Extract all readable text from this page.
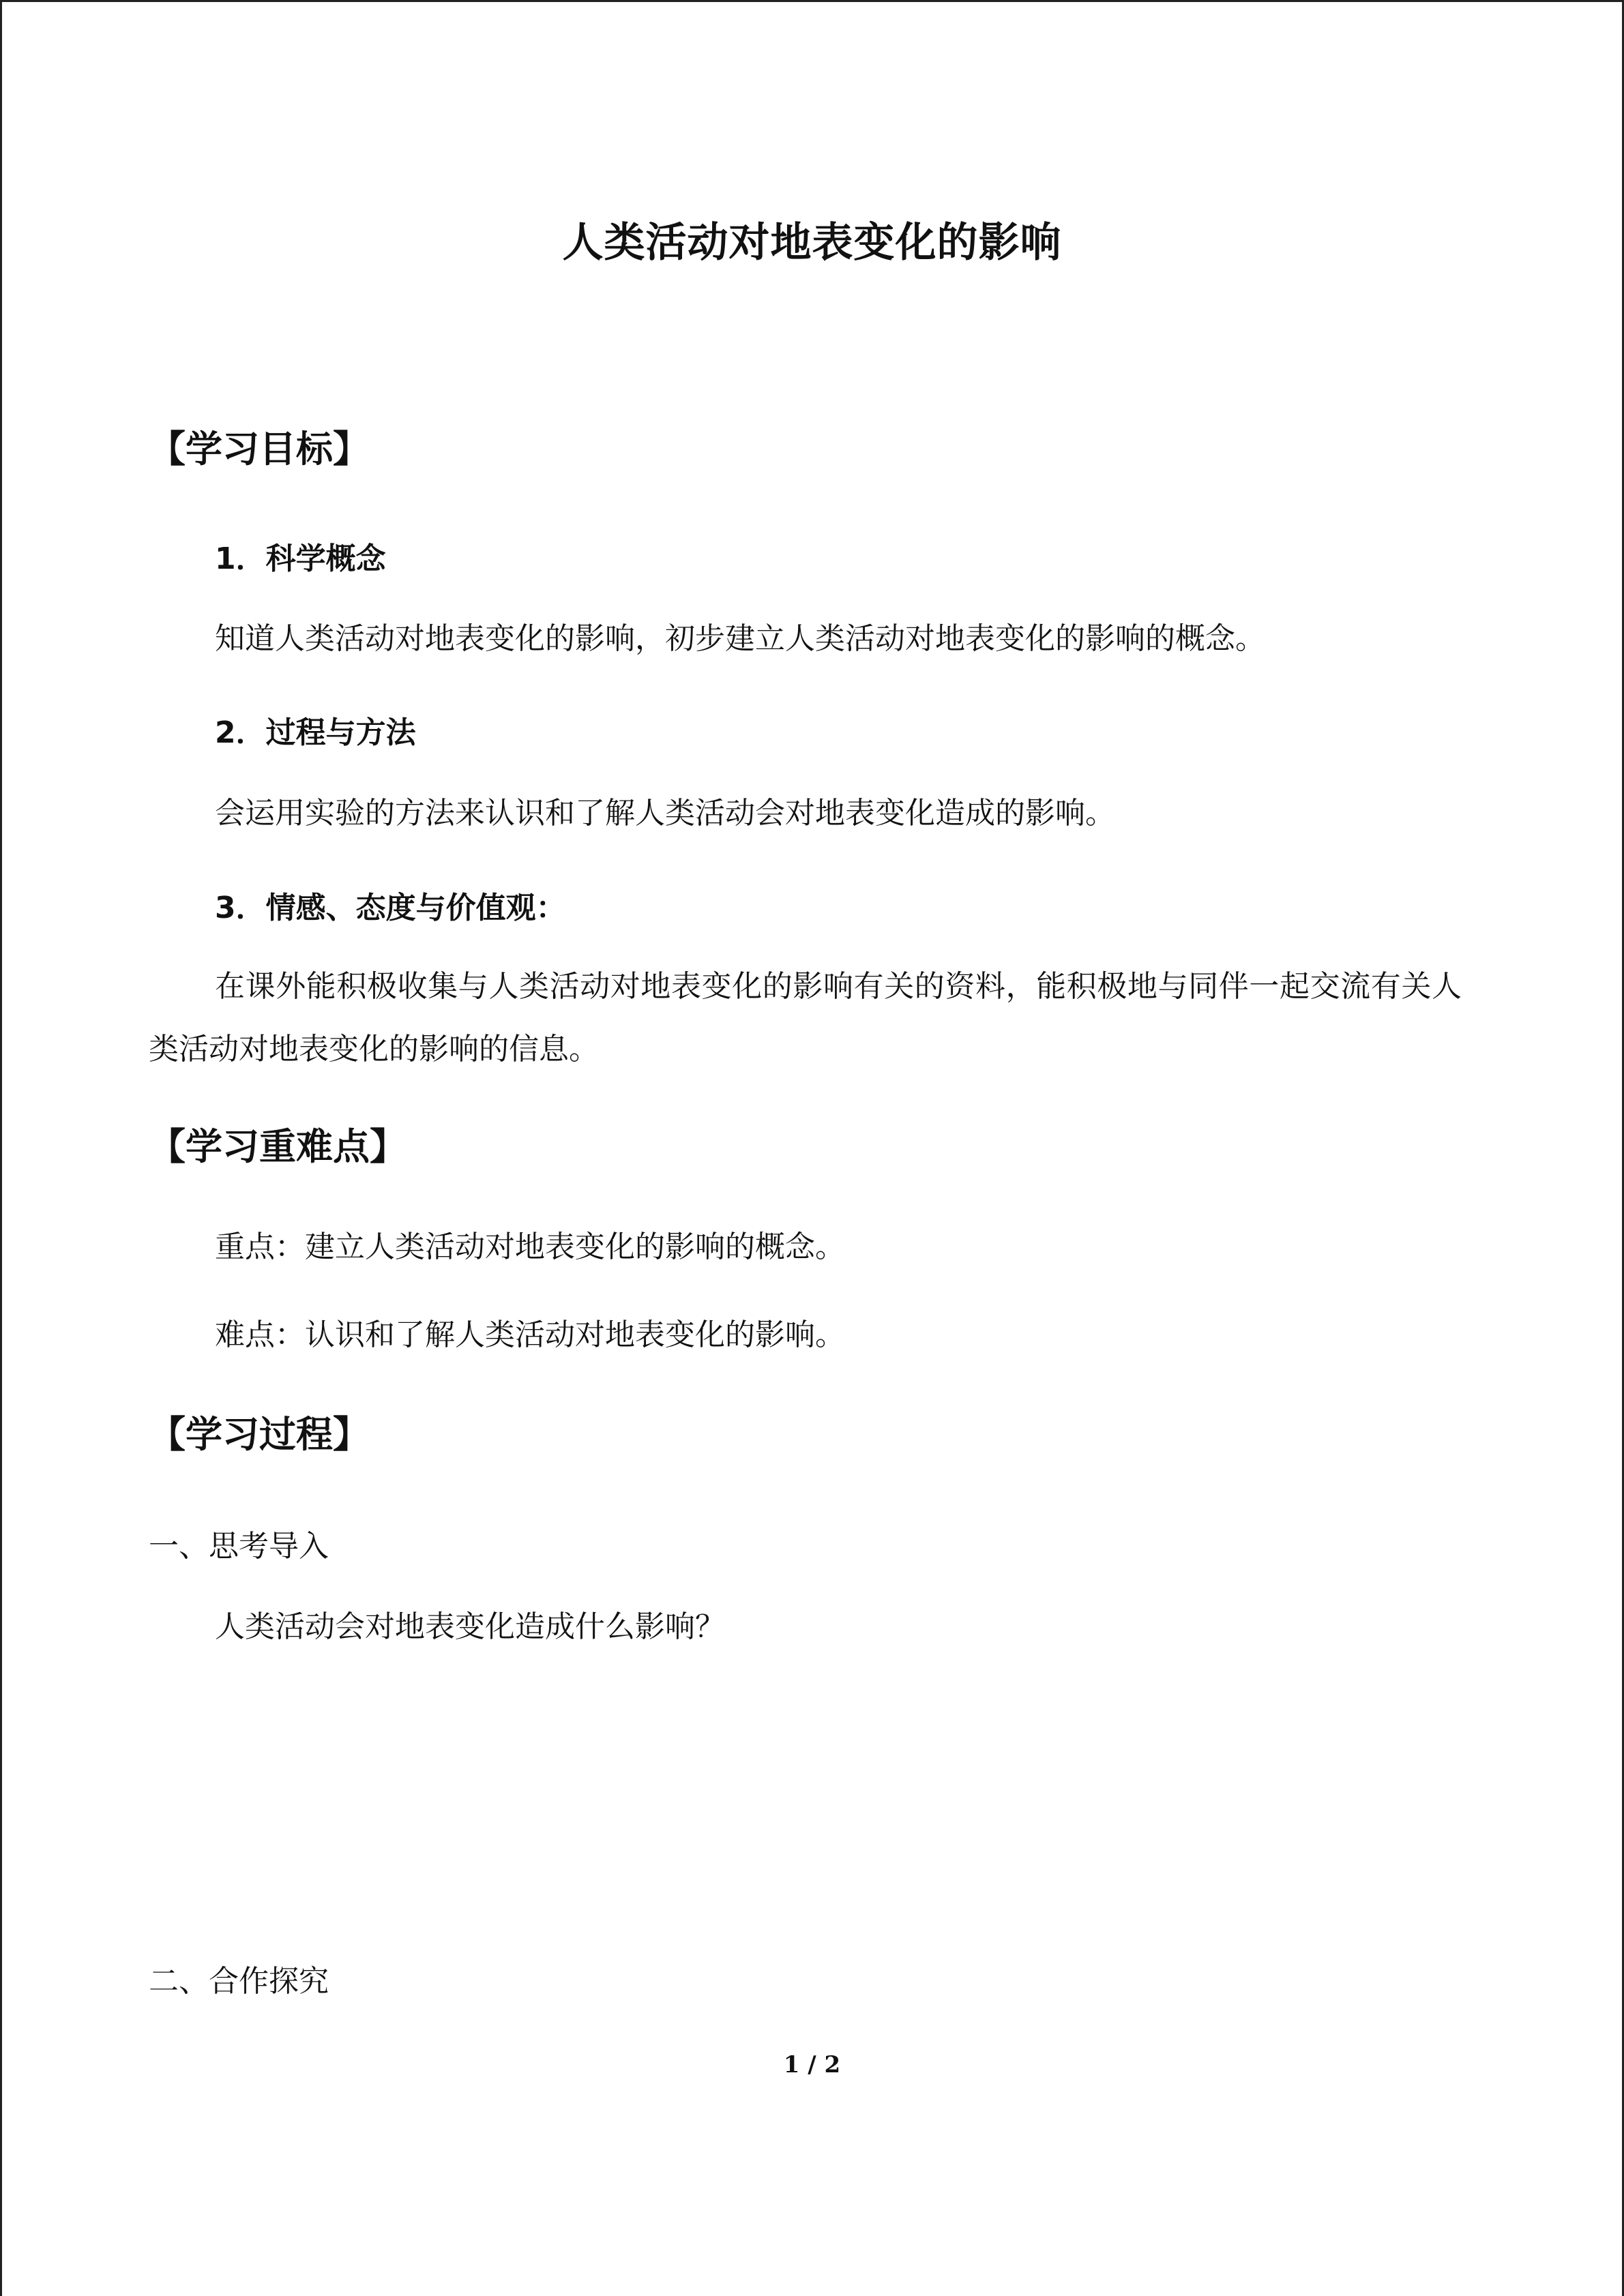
人类活动对地表变化的影响
【学习目标】
1．科学概念
知道人类活动对地表变化的影响，初步建立人类活动对地表变化的影响的概念。
2．过程与方法
会运用实验的方法来认识和了解人类活动会对地表变化造成的影响。
3．情感、态度与价值观：
在课外能积极收集与人类活动对地表变化的影响有关的资料，能积极地与同伴一起交流有关人类活动对地表变化的影响的信息。
【学习重难点】
重点：建立人类活动对地表变化的影响的概念。
难点：认识和了解人类活动对地表变化的影响。
【学习过程】
一、思考导入
人类活动会对地表变化造成什么影响？
二、合作探究
1 / 2
